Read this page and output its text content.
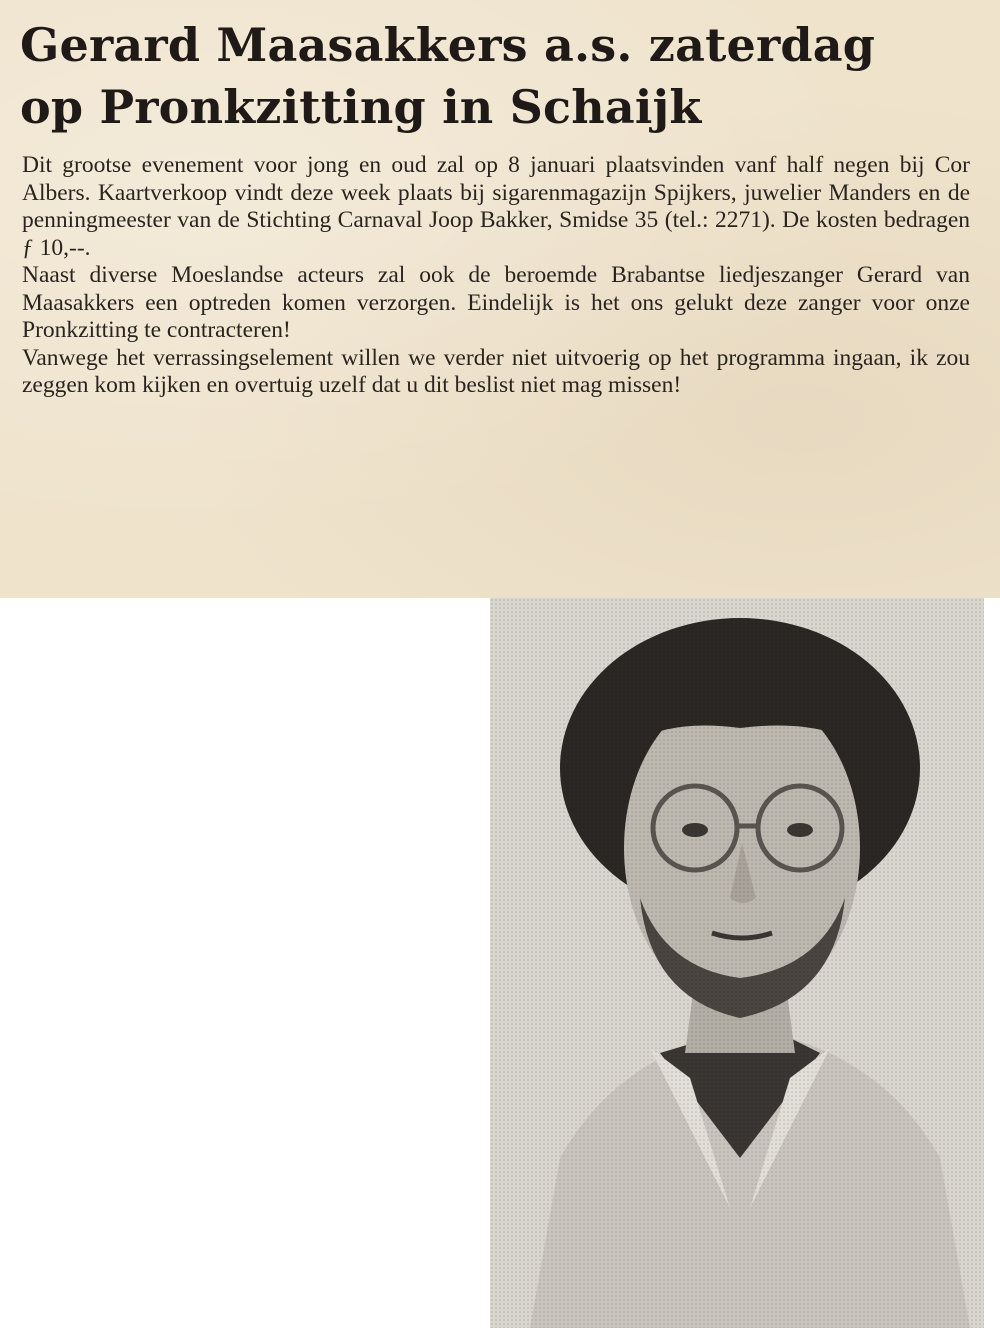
Gerard Maasakkers a.s. zaterdag
op Pronkzitting in Schaijk
Dit grootse evenement voor jong en oud zal op 8 januari plaatsvinden vanf half negen bij Cor Albers. Kaartverkoop vindt deze week plaats bij sigarenmagazijn Spijkers, juwelier Manders en de penningmeester van de Stichting Carnaval Joop Bakker, Smidse 35 (tel.: 2271). De kosten bedragen ƒ 10,--.
Naast diverse Moeslandse acteurs zal ook de beroemde Brabantse liedjeszanger Gerard van Maasakkers een optreden komen verzorgen. Eindelijk is het ons gelukt deze zanger voor onze Pronkzitting te contracteren!
Vanwege het verrassingselement willen we verder niet uitvoerig op het programma ingaan, ik zou zeggen kom kijken en overtuig uzelf dat u dit beslist niet mag missen!
